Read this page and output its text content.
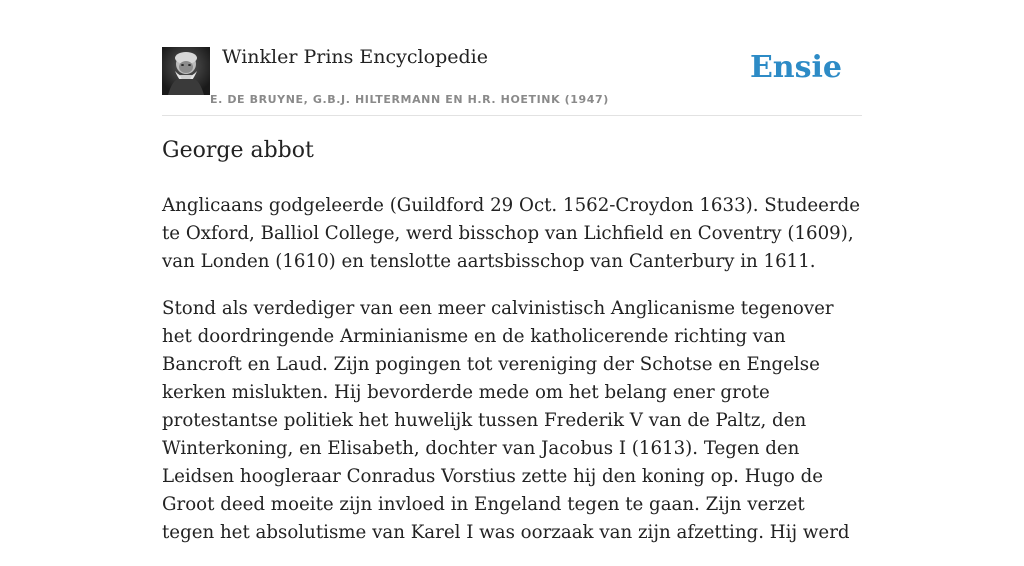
Winkler Prins Encyclopedie
E. DE BRUYNE, G.B.J. HILTERMANN EN H.R. HOETINK (1947)
Ensie
George abbot

Anglicaans godgeleerde (Guildford 29 Oct. 1562-Croydon 1633). Studeerde te Oxford, Balliol College, werd bisschop van Lichfield en Coventry (1609), van Londen (1610) en tenslotte aartsbisschop van Canterbury in 1611.

Stond als verdediger van een meer calvinistisch Anglicanisme tegenover het doordringende Arminianisme en de katholicerende richting van Bancroft en Laud. Zijn pogingen tot vereniging der Schotse en Engelse kerken mislukten. Hij bevorderde mede om het belang ener grote protestantse politiek het huwelijk tussen Frederik V van de Paltz, den Winterkoning, en Elisabeth, dochter van Jacobus I (1613). Tegen den Leidsen hoogleraar Conradus Vorstius zette hij den koning op. Hugo de Groot deed moeite zijn invloed in Engeland tegen te gaan. Zijn verzet tegen het absolutisme van Karel I was oorzaak van zijn afzetting. Hij werd
